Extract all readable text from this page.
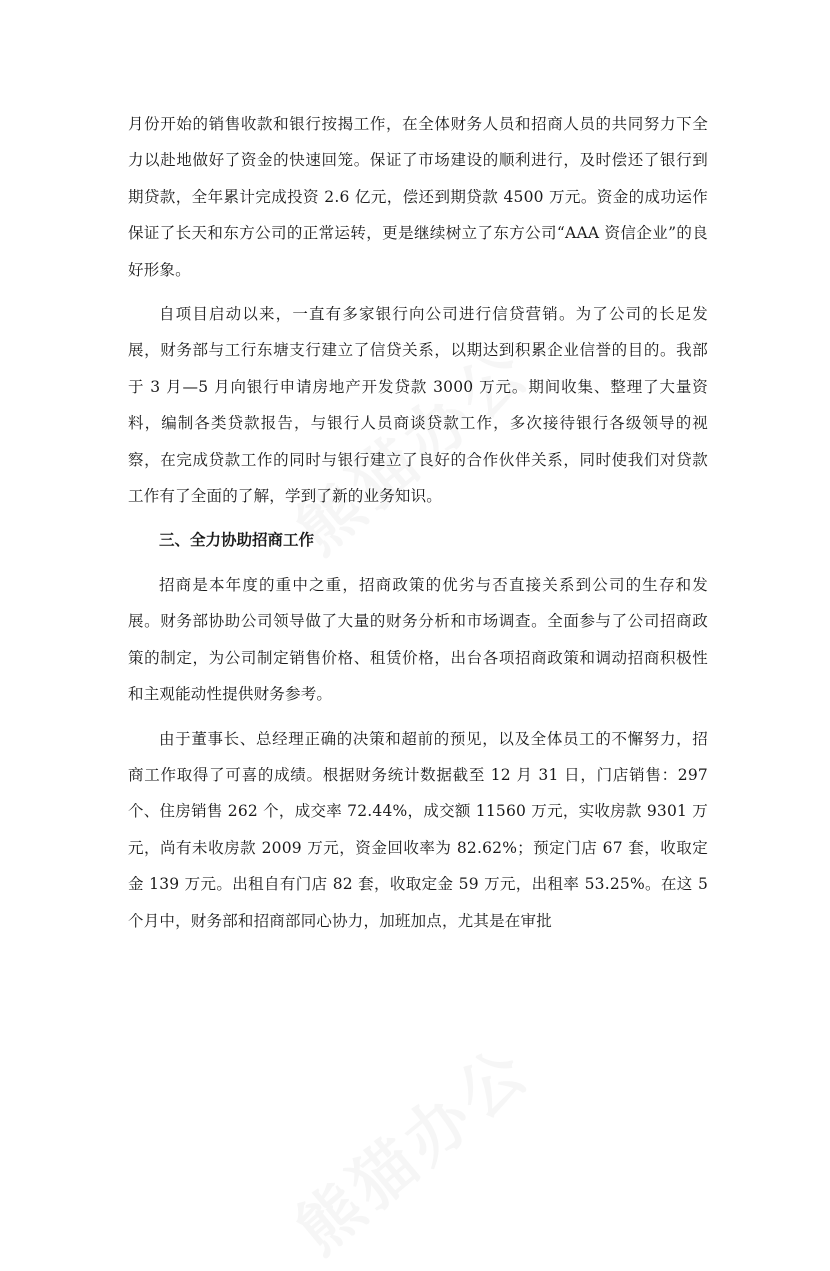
月份开始的销售收款和银行按揭工作，在全体财务人员和招商人员的共同努力下全力以赴地做好了资金的快速回笼。保证了市场建设的顺利进行，及时偿还了银行到期贷款，全年累计完成投资 2.6 亿元，偿还到期贷款 4500 万元。资金的成功运作保证了长天和东方公司的正常运转，更是继续树立了东方公司“AAA 资信企业”的良好形象。

自项目启动以来，一直有多家银行向公司进行信贷营销。为了公司的长足发展，财务部与工行东塘支行建立了信贷关系，以期达到积累企业信誉的目的。我部于 3 月—5 月向银行申请房地产开发贷款 3000 万元。期间收集、整理了大量资料，编制各类贷款报告，与银行人员商谈贷款工作，多次接待银行各级领导的视察，在完成贷款工作的同时与银行建立了良好的合作伙伴关系，同时使我们对贷款工作有了全面的了解，学到了新的业务知识。

三、全力协助招商工作

招商是本年度的重中之重，招商政策的优劣与否直接关系到公司的生存和发展。财务部协助公司领导做了大量的财务分析和市场调查。全面参与了公司招商政策的制定，为公司制定销售价格、租赁价格，出台各项招商政策和调动招商积极性和主观能动性提供财务参考。

由于董事长、总经理正确的决策和超前的预见，以及全体员工的不懈努力，招商工作取得了可喜的成绩。根据财务统计数据截至 12 月 31 日，门店销售：297 个、住房销售 262 个，成交率 72.44%，成交额 11560 万元，实收房款 9301 万元，尚有未收房款 2009 万元，资金回收率为 82.62%；预定门店 67 套，收取定金 139 万元。出租自有门店 82 套，收取定金 59 万元，出租率 53.25%。在这 5 个月中，财务部和招商部同心协力，加班加点，尤其是在审批
